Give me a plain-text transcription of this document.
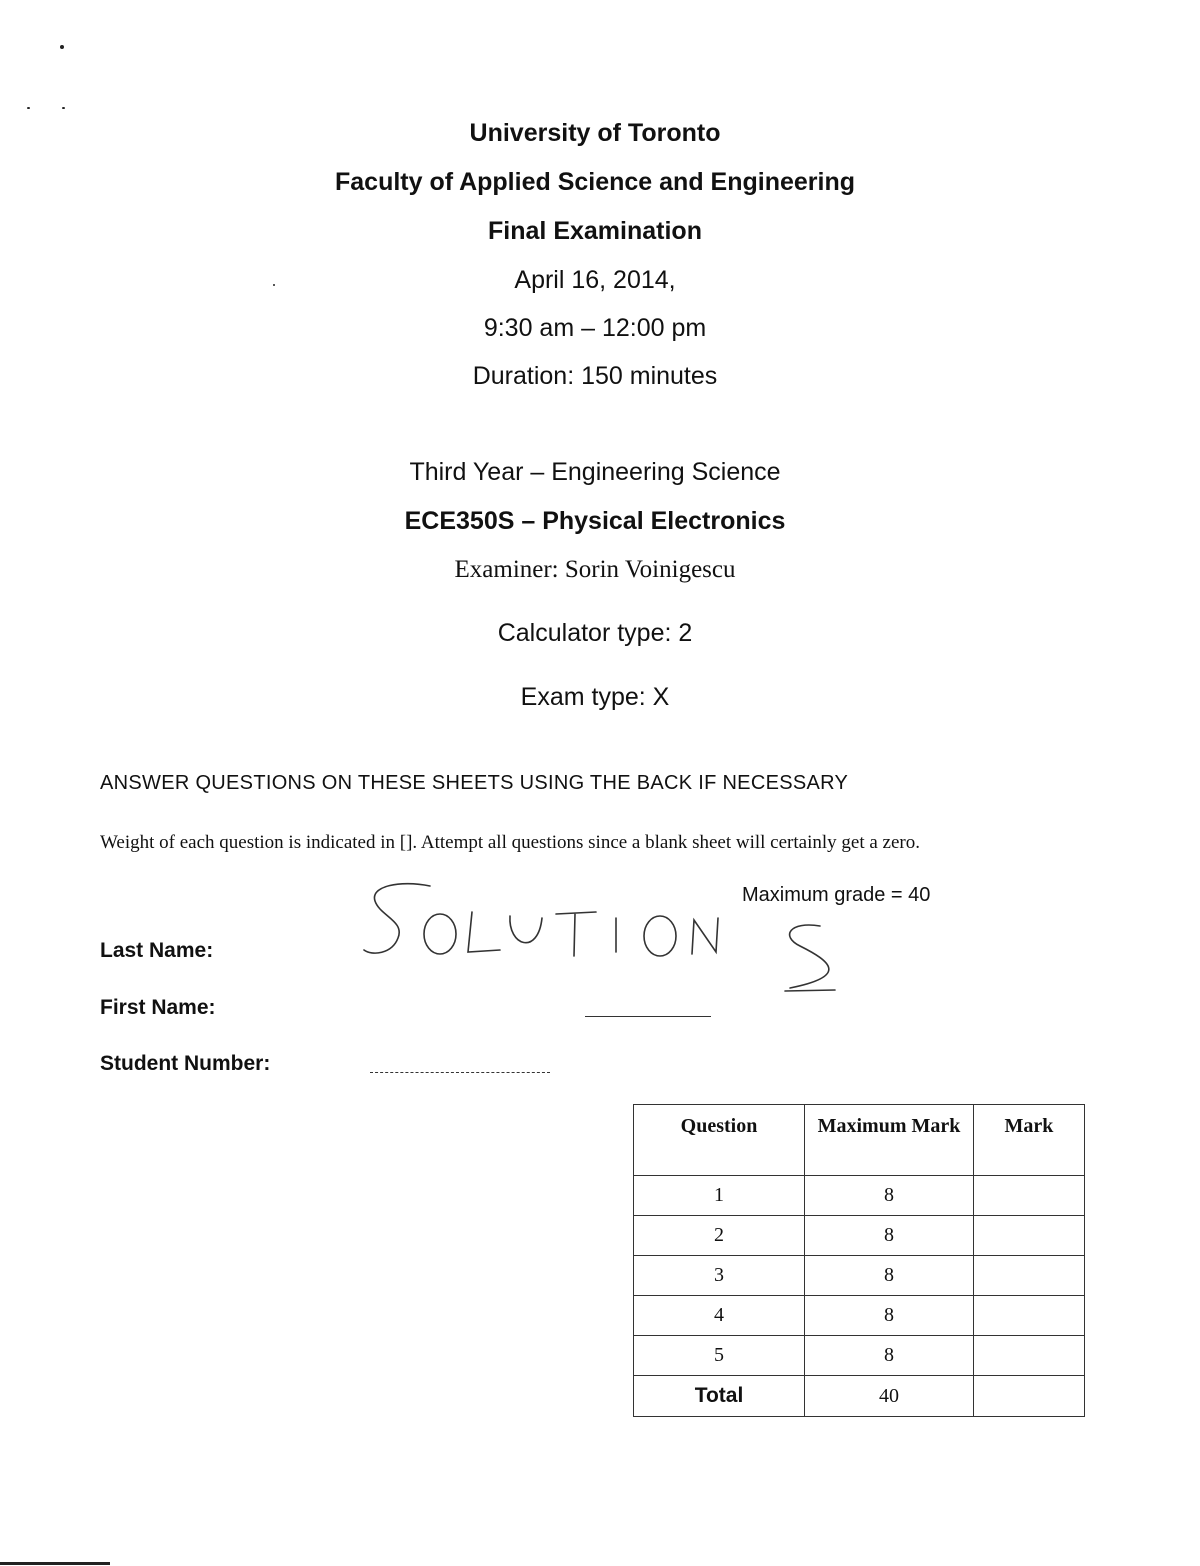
University of Toronto
Faculty of Applied Science and Engineering
Final Examination
April 16, 2014,
9:30 am – 12:00 pm
Duration: 150 minutes
Third Year – Engineering Science
ECE350S – Physical Electronics
Examiner: Sorin Voinigescu
Calculator type: 2
Exam type: X
ANSWER QUESTIONS ON THESE SHEETS USING THE BACK IF NECESSARY
Weight of each question is indicated in []. Attempt all questions since a blank sheet will certainly get a zero.
Maximum grade = 40
Last Name:
First Name:
Student Number:
Question	Maximum Mark	Mark
1	8	
2	8	
3	8	
4	8	
5	8	
Total	40	
